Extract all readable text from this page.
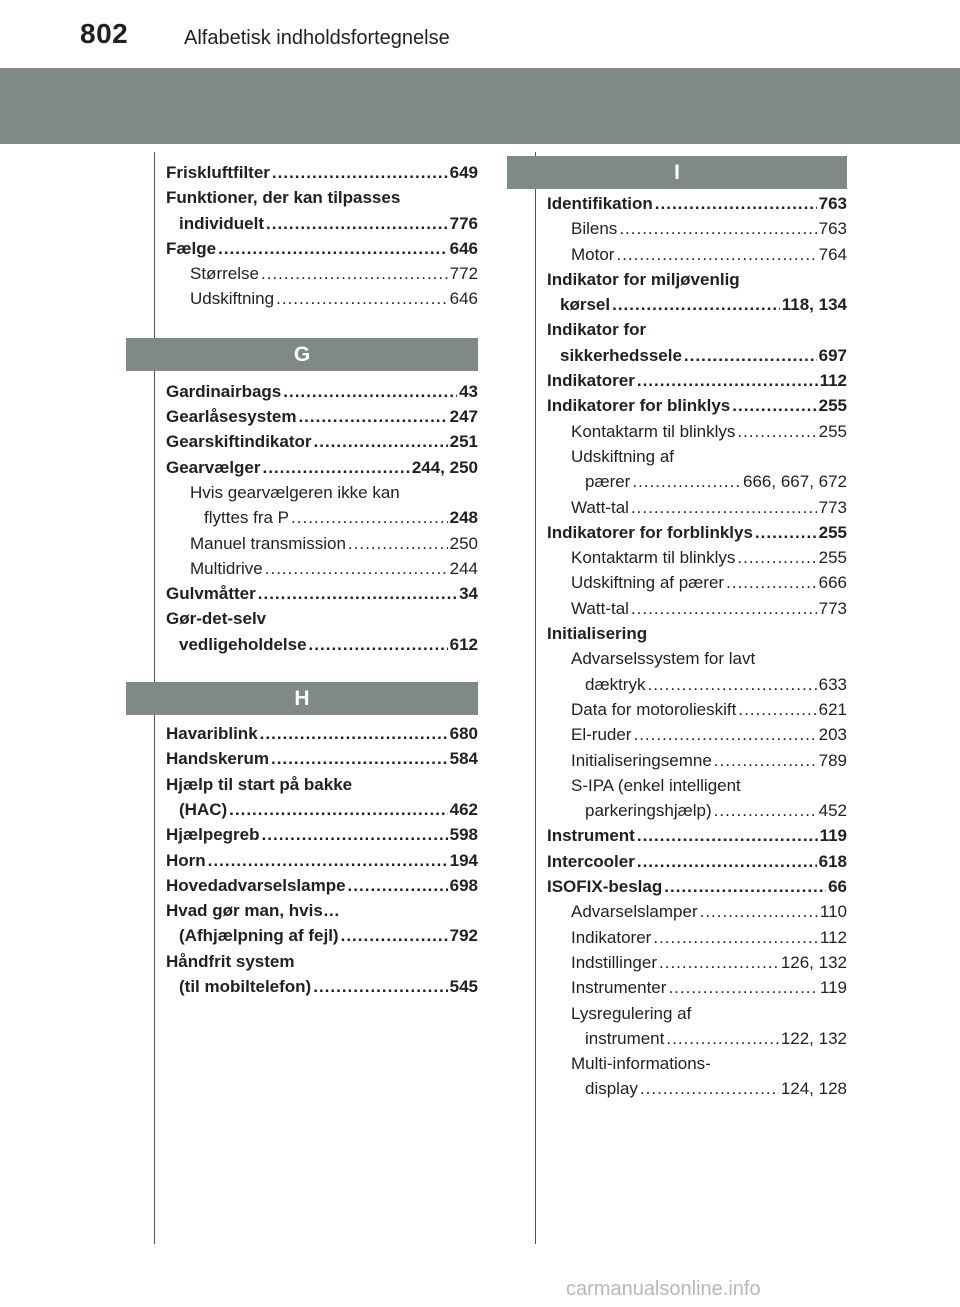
802	Alfabetisk indholdsfortegnelse
Friskluftfilter .....	649
Funktioner, der kan tilpasses
individuelt .....	776
Fælge .....	646
Størrelse .....	772
Udskiftning .....	646
G
Gardinairbags .....	43
Gearlåsesystem .....	247
Gearskiftindikator .....	251
Gearvælger .....	244, 250
Hvis gearvælgeren ikke kan
flyttes fra P .....	248
Manuel transmission .....	250
Multidrive .....	244
Gulvmåtter .....	34
Gør-det-selv
vedligeholdelse .....	612
H
Havariblink .....	680
Handskerum .....	584
Hjælp til start på bakke
(HAC) .....	462
Hjælpegreb .....	598
Horn .....	194
Hovedadvarselslampe .....	698
Hvad gør man, hvis…
(Afhjælpning af fejl) .....	792
Håndfrit system
(til mobiltelefon) .....	545
I
Identifikation .....	763
Bilens .....	763
Motor .....	764
Indikator for miljøvenlig
kørsel .....	118, 134
Indikator for
sikkerhedssele .....	697
Indikatorer .....	112
Indikatorer for blinklys .....	255
Kontaktarm til blinklys .....	255
Udskiftning af
pærer .....	666, 667, 672
Watt-tal .....	773
Indikatorer for forblinklys .....	255
Kontaktarm til blinklys .....	255
Udskiftning af pærer .....	666
Watt-tal .....	773
Initialisering
Advarselssystem for lavt
dæktryk .....	633
Data for motorolieskift .....	621
El-ruder .....	203
Initialiseringsemne .....	789
S-IPA (enkel intelligent
parkeringshjælp) .....	452
Instrument .....	119
Intercooler .....	618
ISOFIX-beslag .....	66
Advarselslamper .....	110
Indikatorer .....	112
Indstillinger .....	126, 132
Instrumenter .....	119
Lysregulering af
instrument .....	122, 132
Multi-informations-
display .....	124, 128
carmanualsonline.info
